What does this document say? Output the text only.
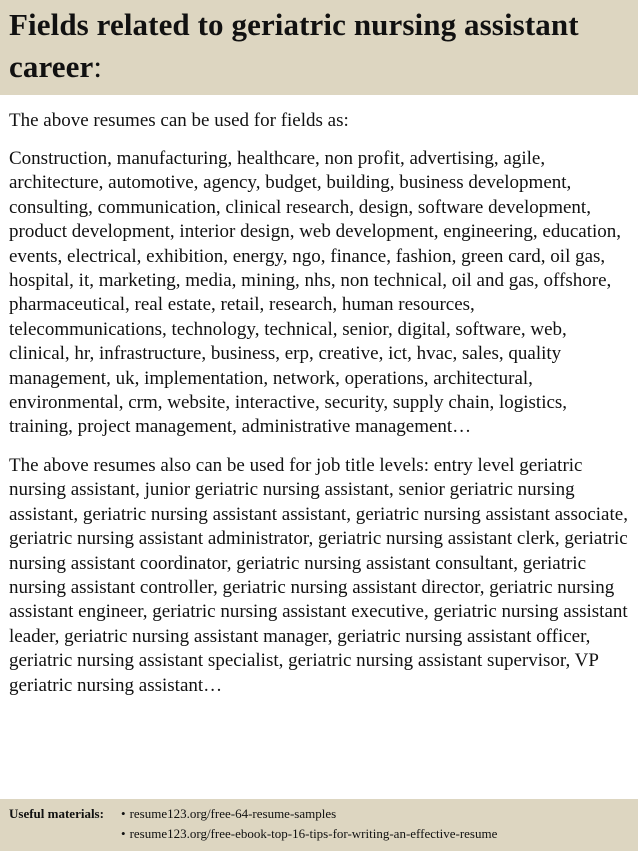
Fields related to geriatric nursing assistant career:

The above resumes can be used for fields as:

Construction, manufacturing, healthcare, non profit, advertising, agile, architecture, automotive, agency, budget, building, business development, consulting, communication, clinical research, design, software development, product development, interior design, web development, engineering, education, events, electrical, exhibition, energy, ngo, finance, fashion, green card, oil gas, hospital, it, marketing, media, mining, nhs, non technical, oil and gas, offshore, pharmaceutical, real estate, retail, research, human resources, telecommunications, technology, technical, senior, digital, software, web, clinical, hr, infrastructure, business, erp, creative, ict, hvac, sales, quality management, uk, implementation, network, operations, architectural, environmental, crm, website, interactive, security, supply chain, logistics, training, project management, administrative management…

The above resumes also can be used for job title levels: entry level geriatric nursing assistant, junior geriatric nursing assistant, senior geriatric nursing assistant, geriatric nursing assistant assistant, geriatric nursing assistant associate, geriatric nursing assistant administrator, geriatric nursing assistant clerk, geriatric nursing assistant coordinator, geriatric nursing assistant consultant, geriatric nursing assistant controller, geriatric nursing assistant director, geriatric nursing assistant engineer, geriatric nursing assistant executive, geriatric nursing assistant leader, geriatric nursing assistant manager, geriatric nursing assistant officer, geriatric nursing assistant specialist, geriatric nursing assistant supervisor, VP geriatric nursing assistant…

Useful materials:	• resume123.org/free-64-resume-samples
• resume123.org/free-ebook-top-16-tips-for-writing-an-effective-resume
